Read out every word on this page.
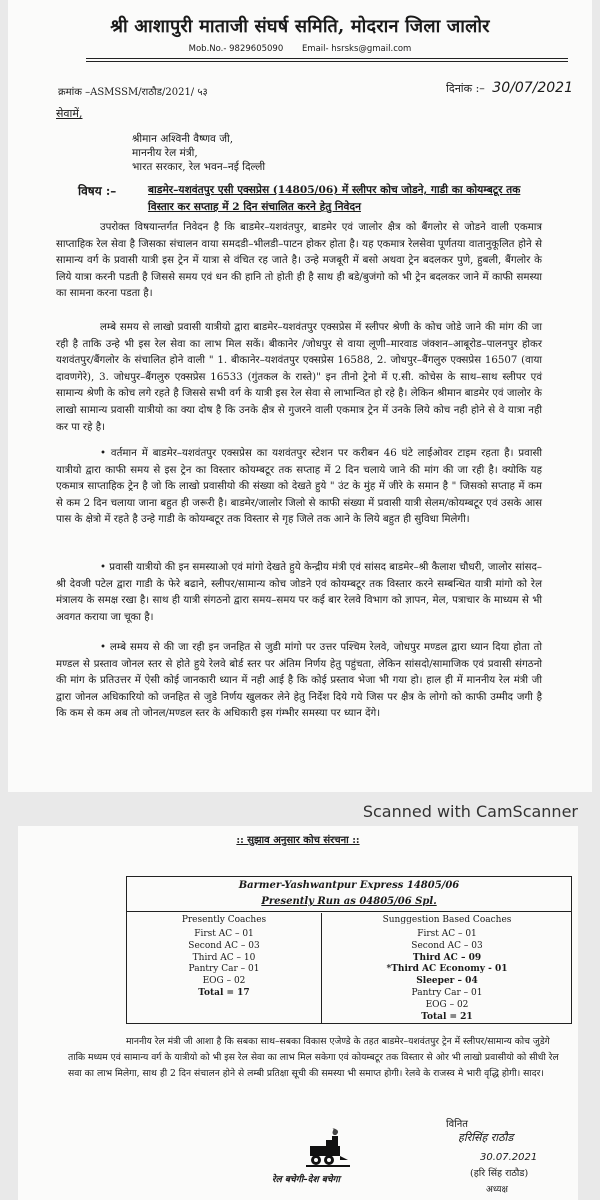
श्री आशापुरी माताजी संघर्ष समिति, मोदरान जिला जालोर
Mob.No.- 9829605090 Email- hsrsks@gmail.com
क्रमांक –ASMSSM/राठौड/2021/ ५३	दिनांक :– 30/07/2021
सेवामें,
श्रीमान अश्विनी वैष्णव जी,
माननीय रेल मंत्री,
भारत सरकार, रेल भवन–नई दिल्ली
विषय :–	बाडमेर–यशवंतपुर एसी एक्सप्रेस (14805/06) में स्लीपर कोच जोडने, गाडी का कोयम्बटूर तक विस्तार कर सप्ताह में 2 दिन संचालित करने हेतु निवेदन

उपरोक्त विषयान्तर्गत निवेदन है कि बाडमेर–यशवंतपुर, बाडमेर एवं जालोर क्षैत्र को बैंगलोर से जोडने वाली एकमात्र साप्ताहिक रेल सेवा है जिसका संचालन वाया समदडी–भीलडी–पाटन होकर होता है। यह एकमात्र रेलसेवा पूर्णतया वातानुकूलित होने से सामान्य वर्ग के प्रवासी यात्री इस ट्रेन में यात्रा से वंचित रह जाते है। उन्हे मजबूरी में बसो अथवा ट्रेन बदलकर पुणे, हुबली, बैंगलोर के लिये यात्रा करनी पडती है जिससे समय एवं धन की हानि तो होती ही है साथ ही बडे/बुजंगो को भी ट्रेन बदलकर जाने में काफी समस्या का सामना करना पडता है।

लम्बे समय से लाखो प्रवासी यात्रीयो द्वारा बाडमेर–यशवंतपुर एक्सप्रेस में स्लीपर श्रेणी के कोच जोडे जाने की मांग की जा रही है ताकि उन्हे भी इस रेल सेवा का लाभ मिल सकें। बीकानेर /जोधपुर से वाया लूणी–मारवाड जंक्शन–आबूरोड–पालनपुर होकर यशवंतपुर/बैंगलोर के संचालित होने वाली " 1. बीकानेर–यशवंतपुर एक्सप्रेस 16588, 2. जोधपुर–बैंगलुरु एक्सप्रेस 16507 (वाया दावणगेरे), 3. जोधपुर–बैंगलुरु एक्सप्रेस 16533 (गुंतकल के रास्ते)" इन तीनो ट्रेनो में ए.सी. कोचेस के साथ–साथ स्लीपर एवं सामान्य श्रेणी के कोच लगे रहते है जिससे सभी वर्ग के यात्री इस रेल सेवा से लाभान्वित हो रहे है। लेकिन श्रीमान बाडमेर एवं जालोर के लाखो सामान्य प्रवासी यात्रीयो का क्या दोष है कि उनके क्षैत्र से गुजरने वाली एकमात्र ट्रेन में उनके लिये कोच नही होने से वे यात्रा नही कर पा रहे है।

• वर्तमान में बाडमेर–यशवंतपुर एक्सप्रेस का यशवंतपुर स्टेशन पर करीबन 46 घंटे लाईओवर टाइम रहता है। प्रवासी यात्रीयो द्वारा काफी समय से इस ट्रेन का विस्तार कोयम्बटूर तक सप्ताह में 2 दिन चलाये जाने की मांग की जा रही है। क्योकि यह एकमात्र साप्ताहिक ट्रेन है जो कि लाखो प्रवासीयो की संख्या को देखते हुये " उंट के मुंह में जीरे के समान है " जिसको सप्ताह में कम से कम 2 दिन चलाया जाना बहुत ही जरूरी है। बाडमेर/जालोर जिलो से काफी संख्या में प्रवासी यात्री सेलम/कोयम्बटूर एवं उसके आस पास के क्षेत्रो में रहते है उन्हे गाडी के कोयम्बटूर तक विस्तार से गृह जिले तक आने के लिये बहुत ही सुविधा मिलेगी।

• प्रवासी यात्रीयो की इन समस्याओ एवं मांगो देखते हुये केन्द्रीय मंत्री एवं सांसद बाडमेर–श्री कैलाश चौधरी, जालोर सांसद– श्री देवजी पटेल द्वारा गाडी के फेरे बढाने, स्लीपर/सामान्य कोच जोडने एवं कोयम्बटूर तक विस्तार करने सम्बन्धित यात्री मांगो को रेल मंत्रालय के समक्ष रखा है। साथ ही यात्री संगठनो द्वारा समय–समय पर कई बार रेलवे विभाग को ज्ञापन, मेल, पत्राचार के माध्यम से भी अवगत कराया जा चूका है।

• लम्बे समय से की जा रही इन जनहित से जुडी मांगो पर उत्तर पश्चिम रेलवे, जोधपुर मण्डल द्वारा ध्यान दिया होता तो मण्डल से प्रस्ताव जोनल स्तर से होते हुये रेलवे बोर्ड स्तर पर अंतिम निर्णय हेतु पहुंचता, लेकिन सांसदो/सामाजिक एवं प्रवासी संगठनो की मांग के प्रतिउत्तर में ऐसी कोई जानकारी ध्यान में नही आई है कि कोई प्रस्ताव भेजा भी गया हो। हाल ही में माननीय रेल मंत्री जी द्वारा जोनल अधिकारियो को जनहित से जुडे निर्णय खुलकर लेने हेतु निर्देश दिये गये जिस पर क्षैत्र के लोगो को काफी उम्मीद जगी है कि कम से कम अब तो जोनल/मण्डल स्तर के अधिकारी इस गंम्भीर समस्या पर ध्यान देंगे।

Scanned with CamScanner

:: सुझाव अनुसार कोच संरचना ::
Barmer-Yashwantpur Express 14805/06
Presently Run as 04805/06 Spl.
Presently Coaches
First AC – 01
Second AC – 03
Third AC – 10
Pantry Car – 01
EOG – 02
Total = 17
Sunggestion Based Coaches
First AC – 01
Second AC – 03
Third AC – 09
*Third AC Economy - 01
Sleeper – 04
Pantry Car – 01
EOG – 02
Total = 21

माननीय रेल मंत्री जी आशा है कि सबका साथ–सबका विकास एजेण्डे के तहत बाडमेर–यशवंतपुर ट्रेन में स्लीपर/सामान्य कोच जुडेगे ताकि मध्यम एवं सामान्य वर्ग के यात्रीयो को भी इस रेल सेवा का लाभ मिल सकेगा एवं कोयम्बटूर तक विस्तार से ओर भी लाखो प्रवासीयो को सीधी रेल सवा का लाभ मिलेगा, साथ ही 2 दिन संचालन होने से लम्बी प्रतिक्षा सूची की समस्या भी समाप्त होगी। रेलवे के राजस्व मे भारी वृद्धि होगी। सादर।

रेल बचेगी–देश बचेगा
विनित
हरिसिंह राठौड
30.07.2021
(हरि सिंह राठौड)
अध्यक्ष
